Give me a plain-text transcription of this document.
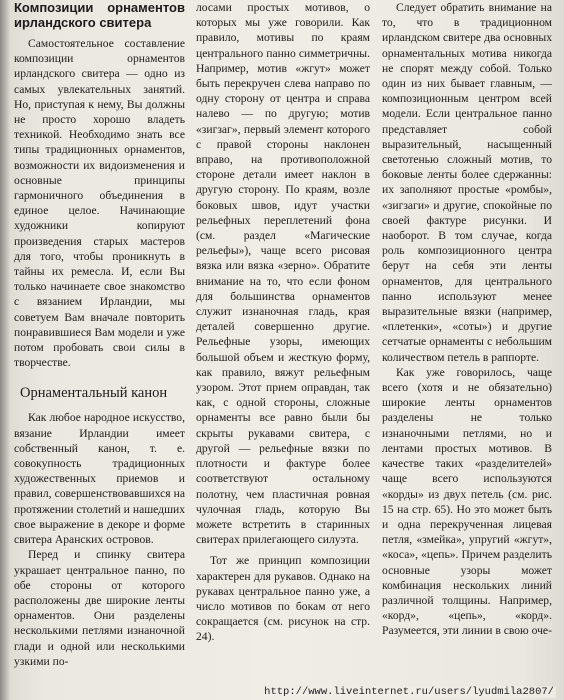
Композиции орнаментов ирландского свитера

Самостоятельное составление композиции орнаментов ирландского свитера — одно из самых увлекательных занятий. Но, приступая к нему, Вы должны не просто хорошо владеть техникой. Необходимо знать все типы традиционных орнаментов, возможности их видоизменения и основные принципы гармоничного объединения в единое целое. Начинающие художники копируют произведения старых мастеров для того, чтобы проникнуть в тайны их ремесла. И, если Вы только начинаете свое знакомство с вязанием Ирландии, мы советуем Вам вначале повторить понравившиеся Вам модели и уже потом пробовать свои силы в творчестве.

Орнаментальный канон

Как любое народное искусство, вязание Ирландии имеет собственный канон, т. е. совокупность традиционных художественных приемов и правил, совершенствовавшихся на протяжении столетий и нашедших свое выражение в декоре и форме свитера Аранских островов.

Перед и спинку свитера украшает центральное панно, по обе стороны от которого расположены две широкие ленты орнаментов. Они разделены несколькими петлями изнаночной глади и одной или несколькими узкими по-

лосами простых мотивов, о которых мы уже говорили. Как правило, мотивы по краям центрального панно симметричны. Например, мотив «жгут» может быть перекручен слева направо по одну сторону от центра и справа налево — по другую; мотив «зигзаг», первый элемент которого с правой стороны наклонен вправо, на противоположной стороне детали имеет наклон в другую сторону. По краям, возле боковых швов, идут участки рельефных переплетений фона (см. раздел «Магические рельефы»), чаще всего рисовая вязка или вязка «зерно». Обратите внимание на то, что если фоном для большинства орнаментов служит изнаночная гладь, края деталей совершенно другие. Рельефные узоры, имеющих большой объем и жесткую форму, как правило, вяжут рельефным узором. Этот прием оправдан, так как, с одной стороны, сложные орнаменты все равно были бы скрыты рукавами свитера, с другой — рельефные вязки по плотности и фактуре более соответствуют остальному полотну, чем пластичная ровная чулочная гладь, которую Вы можете встретить в старинных свитерах прилегающего силуэта.

Тот же принцип композиции характерен для рукавов. Однако на рукавах центральное панно уже, а число мотивов по бокам от него сокращается (см. рисунок на стр. 24).

Следует обратить внимание на то, что в традиционном ирландском свитере два основных орнаментальных мотива никогда не спорят между собой. Только один из них бывает главным, — композиционным центром всей модели. Если центральное панно представляет собой выразительный, насыщенный светотенью сложный мотив, то боковые ленты более сдержанны: их заполняют простые «ромбы», «зигзаги» и другие, спокойные по своей фактуре рисунки. И наоборот. В том случае, когда роль композиционного центра берут на себя эти ленты орнаментов, для центрального панно используют менее выразительные вязки (например, «плетенки», «соты») и другие сетчатые орнаменты с небольшим количеством петель в раппорте.

Как уже говорилось, чаще всего (хотя и не обязательно) широкие ленты орнаментов разделены не только изнаночными петлями, но и лентами простых мотивов. В качестве таких «разделителей» чаще всего используются «корды» из двух петель (см. рис. 15 на стр. 65). Но это может быть и одна перекрученная лицевая петля, «змейка», упругий «жгут», «коса», «цепь». Причем разделить основные узоры может комбинация нескольких линий различной толщины. Например, «корд», «цепь», «корд». Разумеется, эти линии в свою оче-

http://www.liveinternet.ru/users/lyudmila2807/
